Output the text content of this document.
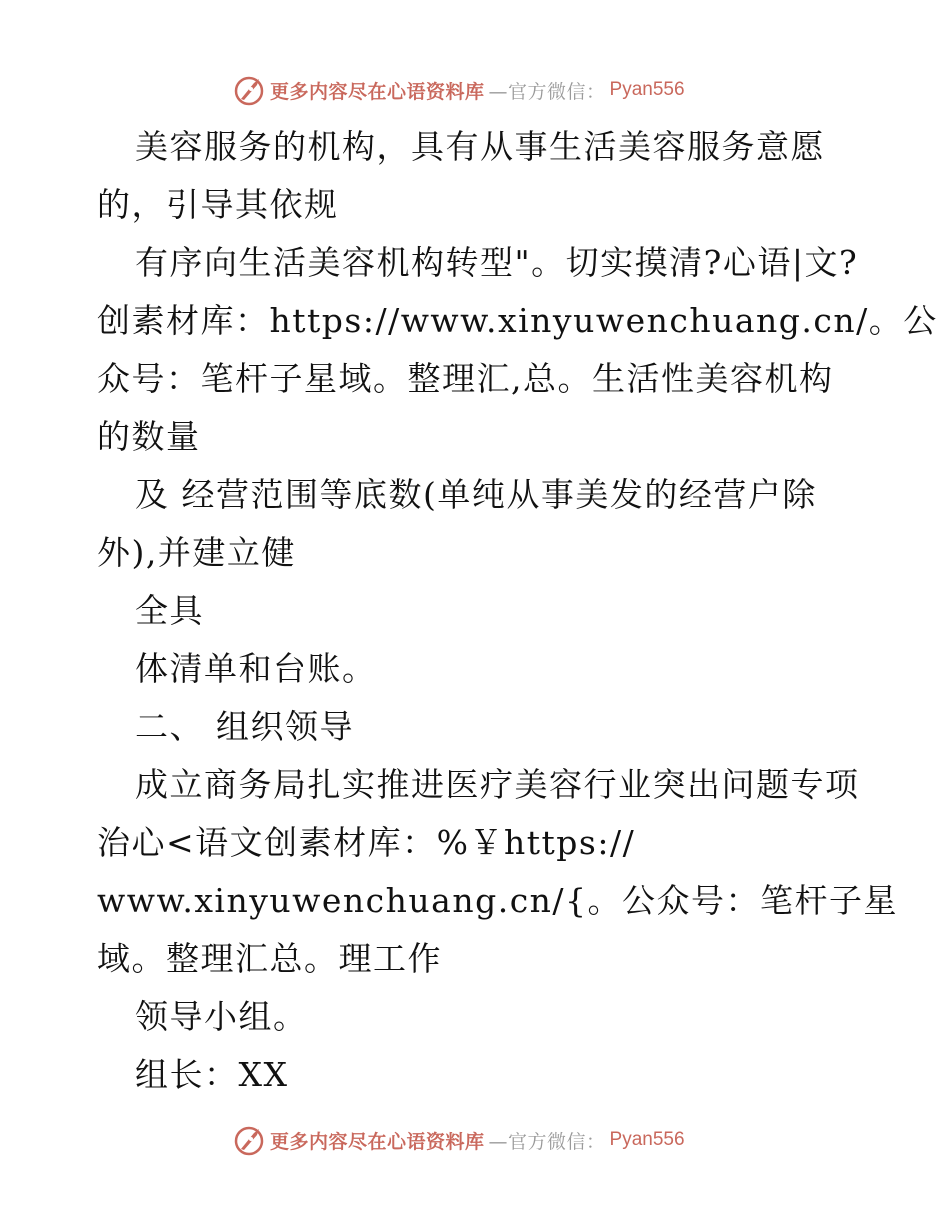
更多内容尽在心语资料库 —官方微信： Pyan556
美容服务的机构，具有从事生活美容服务意愿
的，引导其依规
有序向生活美容机构转型"。切实摸清?心语|文?
创素材库：https://www.xinyuwenchuang.cn/。公
众号：笔杆子星域。整理汇,总。生活性美容机构
的数量
及 经营范围等底数(单纯从事美发的经营户除
外),并建立健
全具
体清单和台账。
二、 组织领导
成立商务局扎实推进医疗美容行业突出问题专项
治心<语文创素材库：%￥https://
www.xinyuwenchuang.cn/{。公众号：笔杆子星
域。整理汇总。理工作
领导小组。
组长：XX
更多内容尽在心语资料库 —官方微信： Pyan556
